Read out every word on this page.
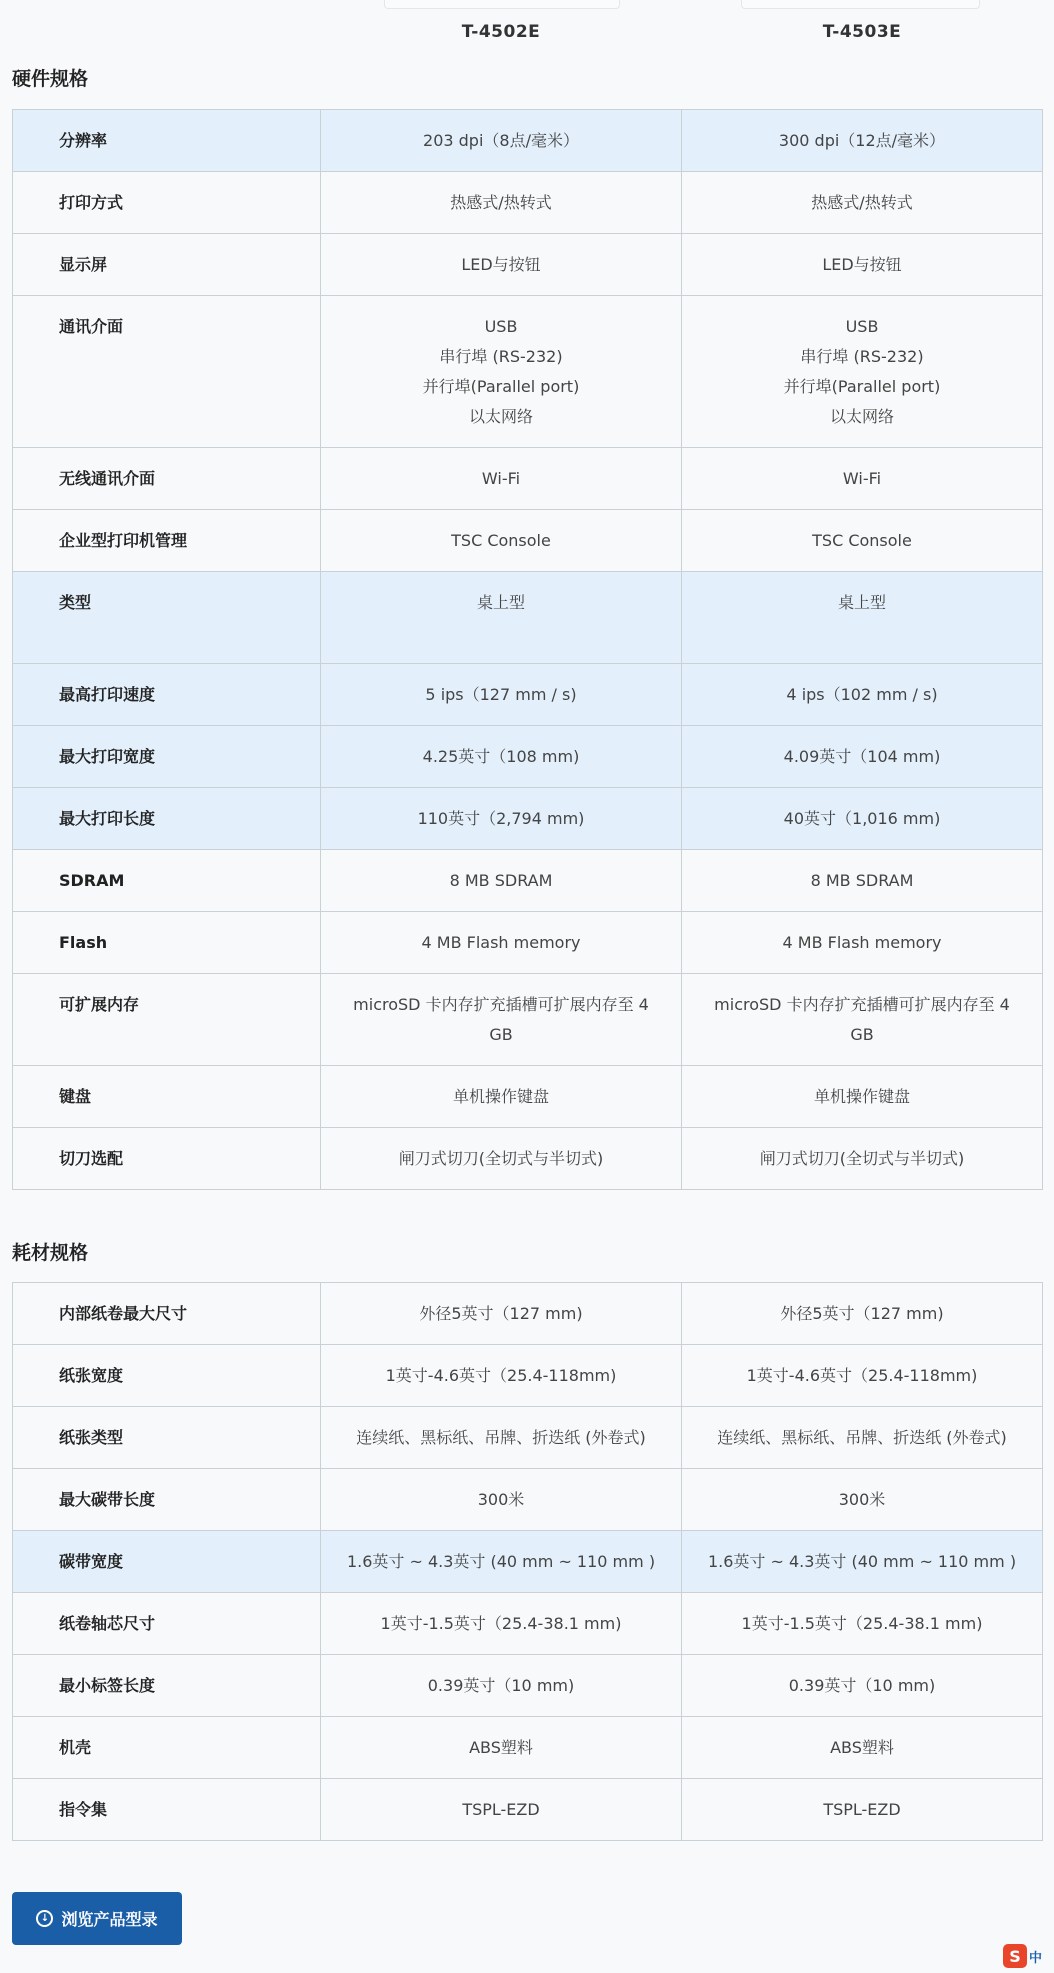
T-4502E	T-4503E
硬件规格
分辨率	203 dpi（8点/毫米）	300 dpi（12点/毫米）

打印方式	热感式/热转式	热感式/热转式

显示屏	LED与按钮	LED与按钮

通讯介面	USB
串行埠 (RS-232)
并行埠(Parallel port)
以太网络	USB
串行埠 (RS-232)
并行埠(Parallel port)
以太网络

无线通讯介面	Wi-Fi	Wi-Fi

企业型打印机管理	TSC Console	TSC Console

类型	桌上型	桌上型

最高打印速度	5 ips（127 mm / s)	4 ips（102 mm / s)

最大打印宽度	4.25英寸（108 mm)	4.09英寸（104 mm)

最大打印长度	110英寸（2,794 mm)	40英寸（1,016 mm)

SDRAM	8 MB SDRAM	8 MB SDRAM

Flash	4 MB Flash memory	4 MB Flash memory

可扩展内存	microSD 卡内存扩充插槽可扩展内存至 4
GB	microSD 卡内存扩充插槽可扩展内存至 4
GB

键盘	单机操作键盘	单机操作键盘

切刀选配	闸刀式切刀(全切式与半切式)	闸刀式切刀(全切式与半切式)
耗材规格
内部纸卷最大尺寸	外径5英寸（127 mm)	外径5英寸（127 mm)

纸张宽度	1英寸-4.6英寸（25.4-118mm)	1英寸-4.6英寸（25.4-118mm)

纸张类型	连续纸、黑标纸、吊牌、折迭纸 (外卷式)	连续纸、黑标纸、吊牌、折迭纸 (外卷式)

最大碳带长度	300米	300米

碳带宽度	1.6英寸 ~ 4.3英寸 (40 mm ~ 110 mm )	1.6英寸 ~ 4.3英寸 (40 mm ~ 110 mm )

纸卷轴芯尺寸	1英寸-1.5英寸（25.4-38.1 mm)	1英寸-1.5英寸（25.4-38.1 mm)

最小标签长度	0.39英寸（10 mm)	0.39英寸（10 mm)

机壳	ABS塑料	ABS塑料

指令集	TSPL-EZD	TSPL-EZD
↓ 浏览产品型录
S 中
